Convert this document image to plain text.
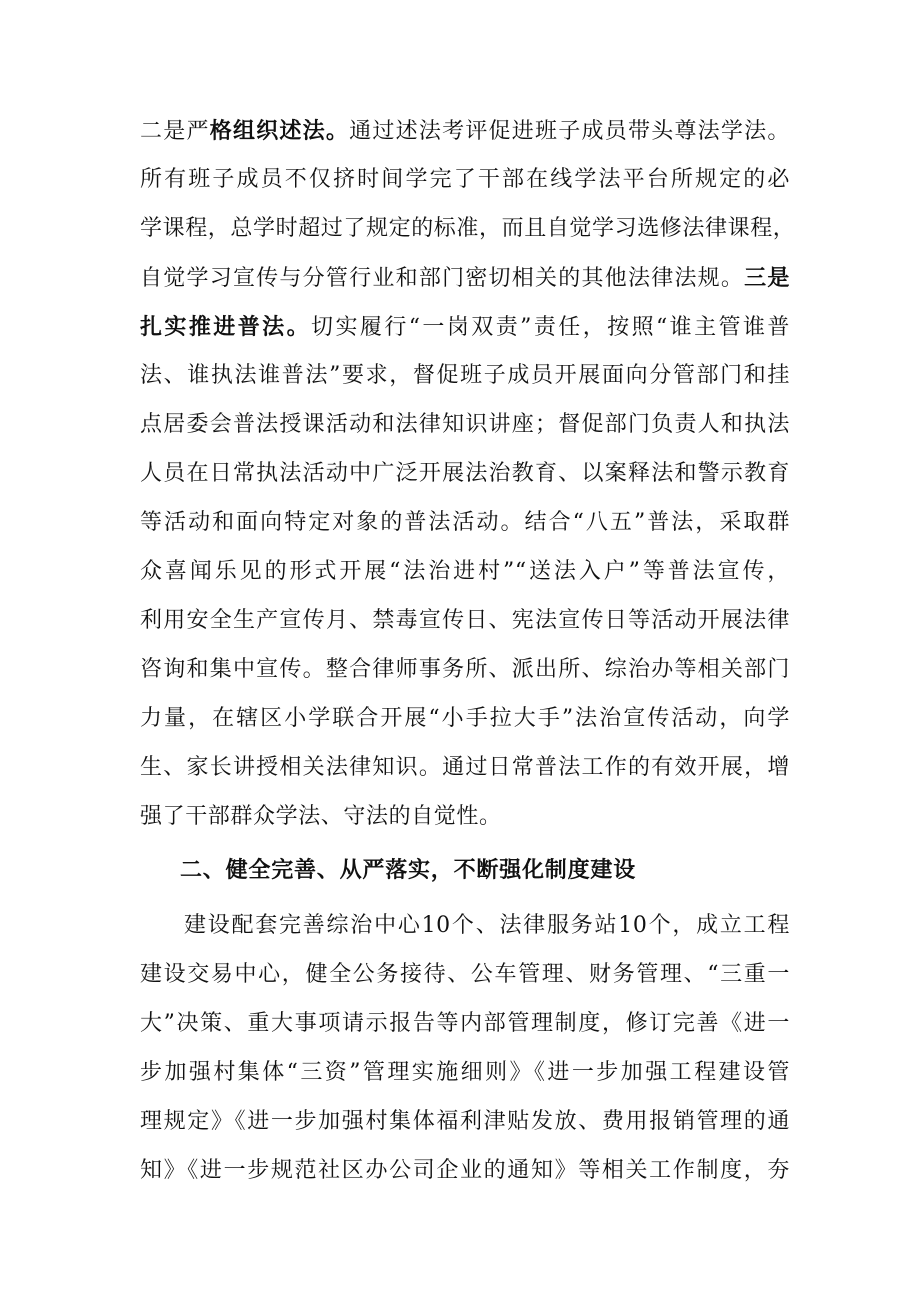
二是严格组织述法。通过述法考评促进班子成员带头尊法学法。
所有班子成员不仅挤时间学完了干部在线学法平台所规定的必
学课程，总学时超过了规定的标准，而且自觉学习选修法律课程，
自觉学习宣传与分管行业和部门密切相关的其他法律法规。三是
扎实推进普法。切实履行“一岗双责”责任，按照“谁主管谁普
法、谁执法谁普法”要求，督促班子成员开展面向分管部门和挂
点居委会普法授课活动和法律知识讲座；督促部门负责人和执法
人员在日常执法活动中广泛开展法治教育、以案释法和警示教育
等活动和面向特定对象的普法活动。结合“八五”普法，采取群
众喜闻乐见的形式开展“法治进村”“送法入户”等普法宣传，
利用安全生产宣传月、禁毒宣传日、宪法宣传日等活动开展法律
咨询和集中宣传。整合律师事务所、派出所、综治办等相关部门
力量，在辖区小学联合开展“小手拉大手”法治宣传活动，向学
生、家长讲授相关法律知识。通过日常普法工作的有效开展，增
强了干部群众学法、守法的自觉性。
二、健全完善、从严落实，不断强化制度建设
建设配套完善综治中心10个、法律服务站10个，成立工程
建设交易中心，健全公务接待、公车管理、财务管理、“三重一
大”决策、重大事项请示报告等内部管理制度，修订完善《进一
步加强村集体“三资”管理实施细则》《进一步加强工程建设管
理规定》《进一步加强村集体福利津贴发放、费用报销管理的通
知》《进一步规范社区办公司企业的通知》等相关工作制度，夯
